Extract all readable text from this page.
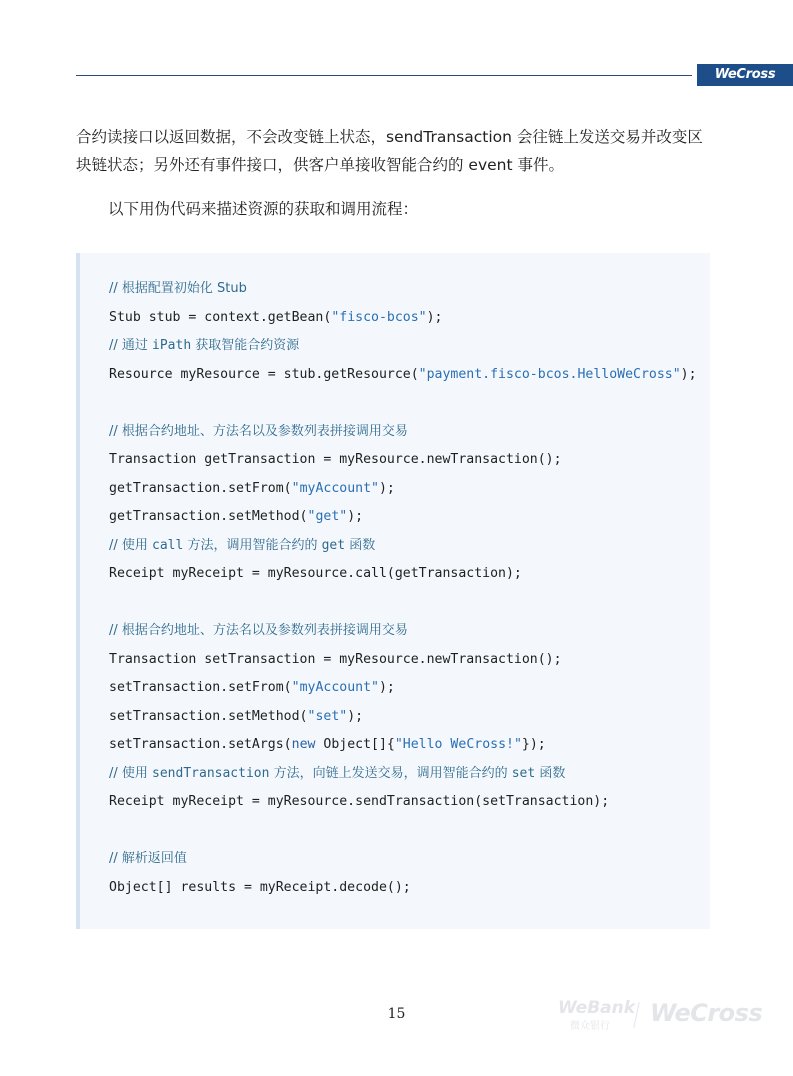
WeCross
合约读接口以返回数据，不会改变链上状态，sendTransaction 会往链上发送交易并改变区
块链状态；另外还有事件接口，供客户单接收智能合约的 event 事件。
以下用伪代码来描述资源的获取和调用流程：
// 根据配置初始化 Stub
Stub stub = context.getBean("fisco-bcos");
// 通过 iPath 获取智能合约资源
Resource myResource = stub.getResource("payment.fisco-bcos.HelloWeCross");
// 根据合约地址、方法名以及参数列表拼接调用交易
Transaction getTransaction = myResource.newTransaction();
getTransaction.setFrom("myAccount");
getTransaction.setMethod("get");
// 使用 call 方法，调用智能合约的 get 函数
Receipt myReceipt = myResource.call(getTransaction);
// 根据合约地址、方法名以及参数列表拼接调用交易
Transaction setTransaction = myResource.newTransaction();
setTransaction.setFrom("myAccount");
setTransaction.setMethod("set");
setTransaction.setArgs(new Object[]{"Hello WeCross!"});
// 使用 sendTransaction 方法，向链上发送交易，调用智能合约的 set 函数
Receipt myReceipt = myResource.sendTransaction(setTransaction);
// 解析返回值
Object[] results = myReceipt.decode();
15	WeBank
微众银行 WeCross
